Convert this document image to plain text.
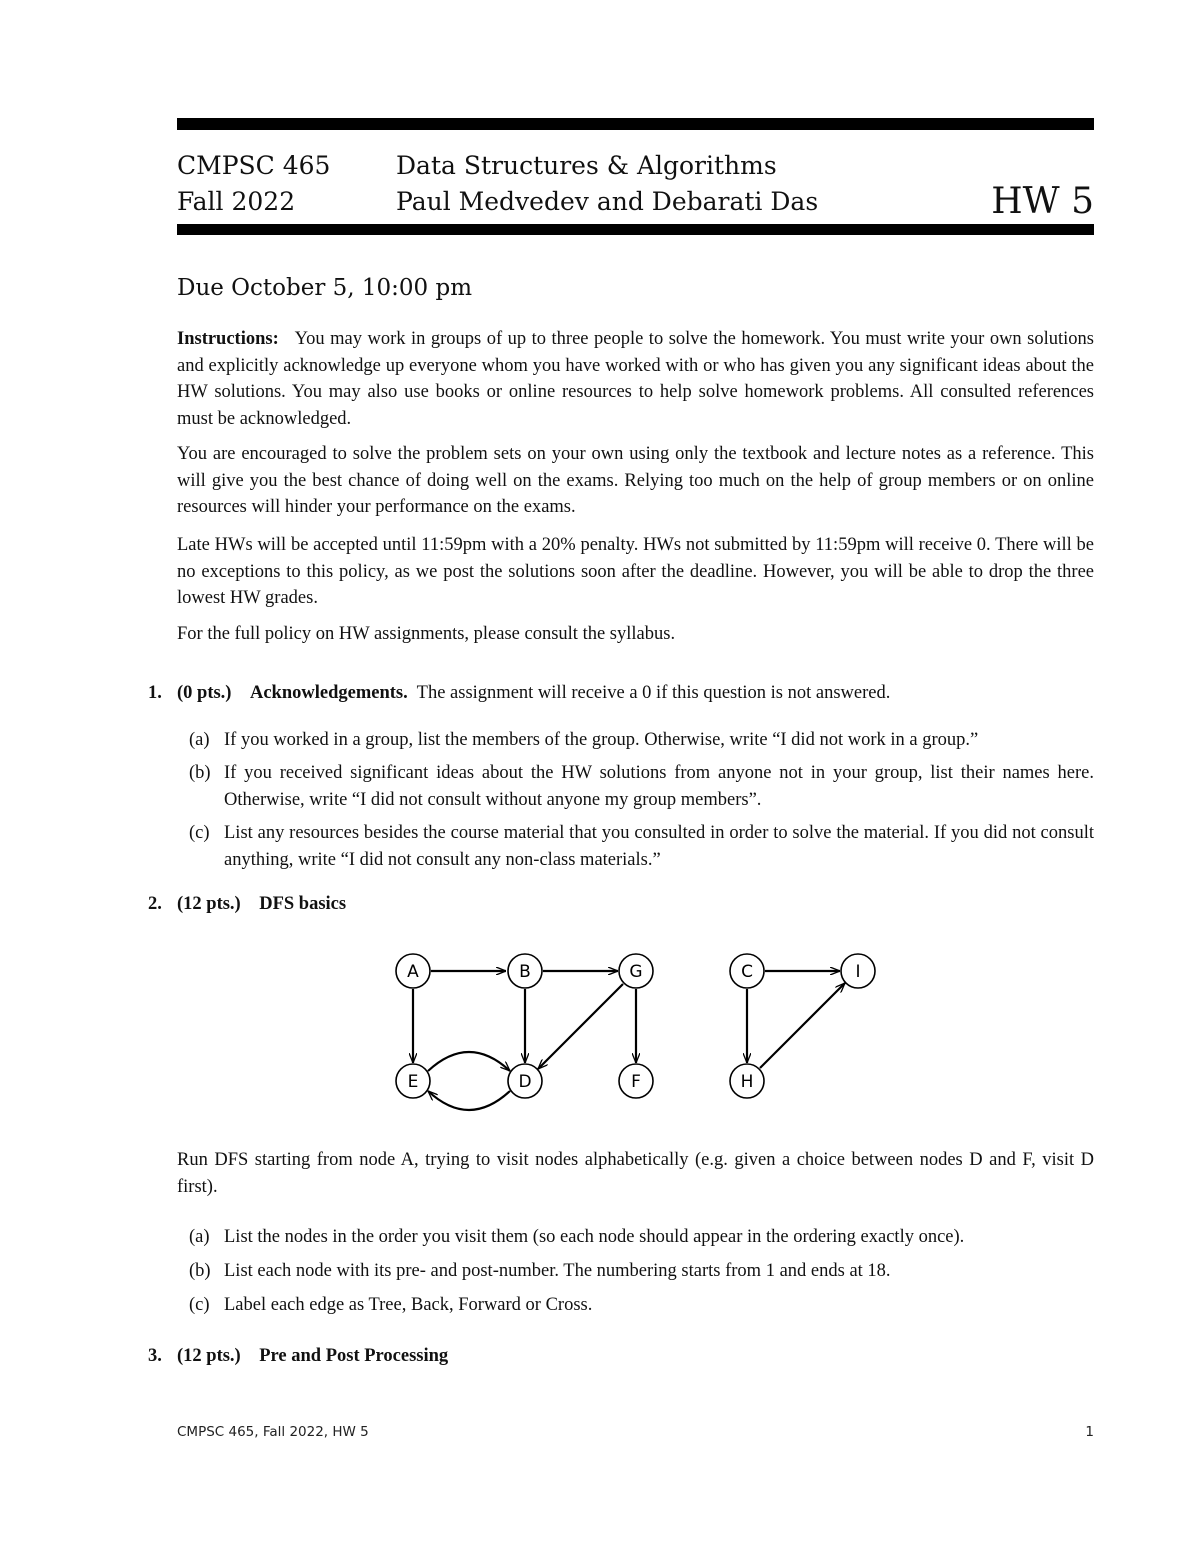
CMPSC 465
Fall 2022
Data Structures & Algorithms
Paul Medvedev and Debarati Das	HW 5
Due October 5, 10:00 pm
Instructions: You may work in groups of up to three people to solve the homework. You must write your own solutions and explicitly acknowledge up everyone whom you have worked with or who has given you any significant ideas about the HW solutions. You may also use books or online resources to help solve homework problems. All consulted references must be acknowledged.
You are encouraged to solve the problem sets on your own using only the textbook and lecture notes as a reference. This will give you the best chance of doing well on the exams. Relying too much on the help of group members or on online resources will hinder your performance on the exams.
Late HWs will be accepted until 11:59pm with a 20% penalty. HWs not submitted by 11:59pm will receive 0. There will be no exceptions to this policy, as we post the solutions soon after the deadline. However, you will be able to drop the three lowest HW grades.
For the full policy on HW assignments, please consult the syllabus.
1. (0 pts.) Acknowledgements. The assignment will receive a 0 if this question is not answered.
(a) If you worked in a group, list the members of the group. Otherwise, write “I did not work in a group.”
(b) If you received significant ideas about the HW solutions from anyone not in your group, list their names here. Otherwise, write “I did not consult without anyone my group members”.
(c) List any resources besides the course material that you consulted in order to solve the material. If you did not consult anything, write “I did not consult any non-class materials.”
2. (12 pts.) DFS basics
A	B	G	C	I
E	D	F	H
Run DFS starting from node A, trying to visit nodes alphabetically (e.g. given a choice between nodes D and F, visit D first).
(a) List the nodes in the order you visit them (so each node should appear in the ordering exactly once).
(b) List each node with its pre- and post-number. The numbering starts from 1 and ends at 18.
(c) Label each edge as Tree, Back, Forward or Cross.
3. (12 pts.) Pre and Post Processing
CMPSC 465, Fall 2022, HW 5	1
